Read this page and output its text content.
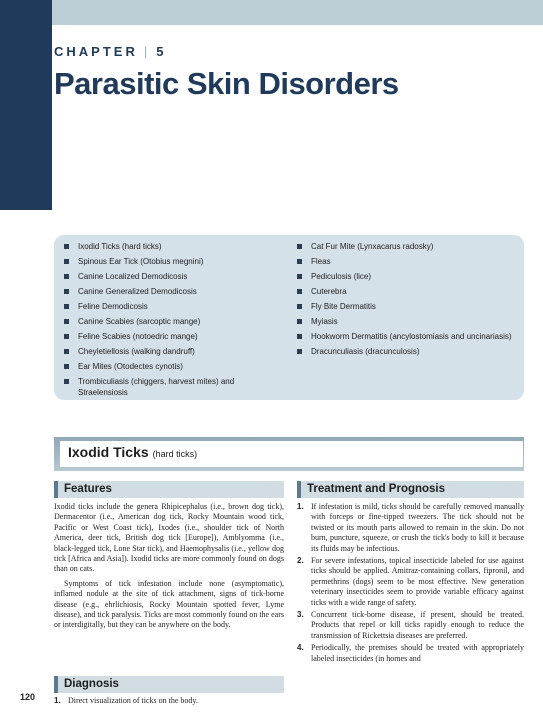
CHAPTER | 5
Parasitic Skin Disorders
Ixodid Ticks (hard ticks)
Spinous Ear Tick (Otobius megnini)
Canine Localized Demodicosis
Canine Generalized Demodicosis
Feline Demodicosis
Canine Scabies (sarcoptic mange)
Feline Scabies (notoedric mange)
Cheyletiellosis (walking dandruff)
Ear Mites (Otodectes cynotis)
Trombiculiasis (chiggers, harvest mites) and Straelensiosis
Cat Fur Mite (Lynxacarus radosky)
Fleas
Pediculosis (lice)
Cuterebra
Fly Bite Dermatitis
Myiasis
Hookworm Dermatitis (ancylostomiasis and uncinariasis)
Dracunculiasis (dracunculosis)
Ixodid Ticks (hard ticks)
Features

Ixodid ticks include the genera Rhipicephalus (i.e., brown dog tick), Dermacentor (i.e., American dog tick, Rocky Mountain wood tick, Pacific or West Coast tick), Ixodes (i.e., shoulder tick of North America, deer tick, British dog tick [Europe]), Amblyomma (i.e., black-legged tick, Lone Star tick), and Haemophysalis (i.e., yellow dog tick [Africa and Asia]). Ixodid ticks are more commonly found on dogs than on cats.

Symptoms of tick infestation include none (asymptomatic), inflamed nodule at the site of tick attachment, signs of tick-borne disease (e.g., ehrlichiosis, Rocky Mountain spotted fever, Lyme disease), and tick paralysis. Ticks are most commonly found on the ears or interdigitally, but they can be anywhere on the body.

Diagnosis
1. Direct visualization of ticks on the body.
Treatment and Prognosis
1. If infestation is mild, ticks should be carefully removed manually with forceps or fine-tipped tweezers. The tick should not be twisted or its mouth parts allowed to remain in the skin. Do not burn, puncture, squeeze, or crush the tick's body to kill it because its fluids may be infectious.
2. For severe infestations, topical insecticide labeled for use against ticks should be applied. Amitraz-containing collars, fipronil, and permethrins (dogs) seem to be most effective. New generation veterinary insecticides seem to provide variable efficacy against ticks with a wide range of safety.
3. Concurrent tick-borne disease, if present, should be treated. Products that repel or kill ticks rapidly enough to reduce the transmission of Rickettsia diseases are preferred.
4. Periodically, the premises should be treated with appropriately labeled insecticides (in homes and
120
